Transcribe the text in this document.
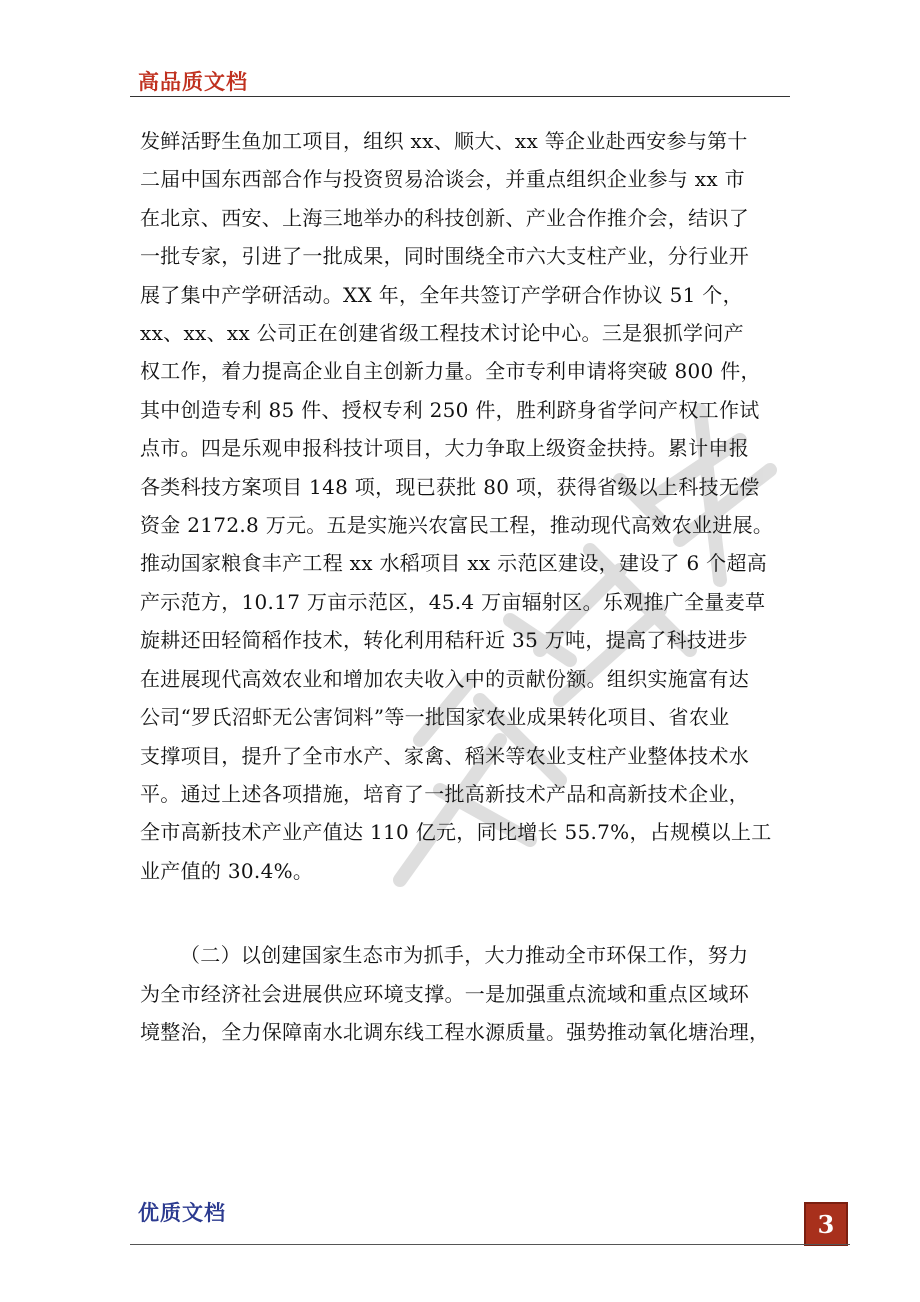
高品质文档

发鲜活野生鱼加工项目，组织 xx、顺大、xx 等企业赴西安参与第十

二届中国东西部合作与投资贸易洽谈会，并重点组织企业参与 xx 市

在北京、西安、上海三地举办的科技创新、产业合作推介会，结识了

一批专家，引进了一批成果，同时围绕全市六大支柱产业，分行业开

展了集中产学研活动。XX 年，全年共签订产学研合作协议 51 个，

xx、xx、xx 公司正在创建省级工程技术讨论中心。三是狠抓学问产

权工作，着力提高企业自主创新力量。全市专利申请将突破 800 件，

其中创造专利 85 件、授权专利 250 件，胜利跻身省学问产权工作试

点市。四是乐观申报科技计项目，大力争取上级资金扶持。累计申报

各类科技方案项目 148 项，现已获批 80 项，获得省级以上科技无偿

资金 2172.8 万元。五是实施兴农富民工程，推动现代高效农业进展。

推动国家粮食丰产工程 xx 水稻项目 xx 示范区建设，建设了 6 个超高

产示范方，10.17 万亩示范区，45.4 万亩辐射区。乐观推广全量麦草

旋耕还田轻简稻作技术，转化利用秸秆近 35 万吨，提高了科技进步

在进展现代高效农业和增加农夫收入中的贡献份额。组织实施富有达

公司“罗氏沼虾无公害饲料”等一批国家农业成果转化项目、省农业

支撑项目，提升了全市水产、家禽、稻米等农业支柱产业整体技术水

平。通过上述各项措施，培育了一批高新技术产品和高新技术企业，

全市高新技术产业产值达 110 亿元，同比增长 55.7%，占规模以上工

业产值的 30.4%。

（二）以创建国家生态市为抓手，大力推动全市环保工作，努力

为全市经济社会进展供应环境支撑。一是加强重点流域和重点区域环

境整治，全力保障南水北调东线工程水源质量。强势推动氧化塘治理，

优质文档	3
